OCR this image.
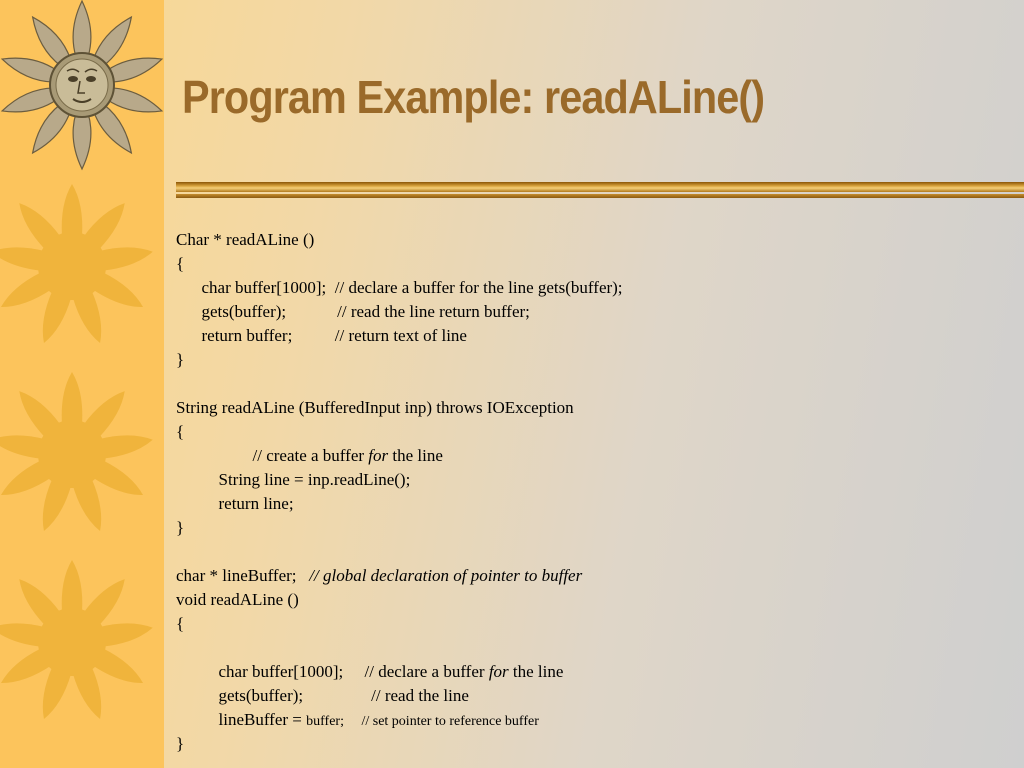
Program Example: readALine()
Char * readALine ()
{
char buffer[1000];  // declare a buffer for the line gets(buffer);
gets(buffer);            // read the line return buffer;
return buffer;          // return text of line
}
String readALine (BufferedInput inp) throws IOException
{
// create a buffer for the line
String line = inp.readLine();
return line;
}
char * lineBuffer;   // global declaration of pointer to buffer
void readALine ()
{
char buffer[1000];     // declare a buffer for the line
gets(buffer);                // read the line
lineBuffer = buffer;     // set pointer to reference buffer
}
